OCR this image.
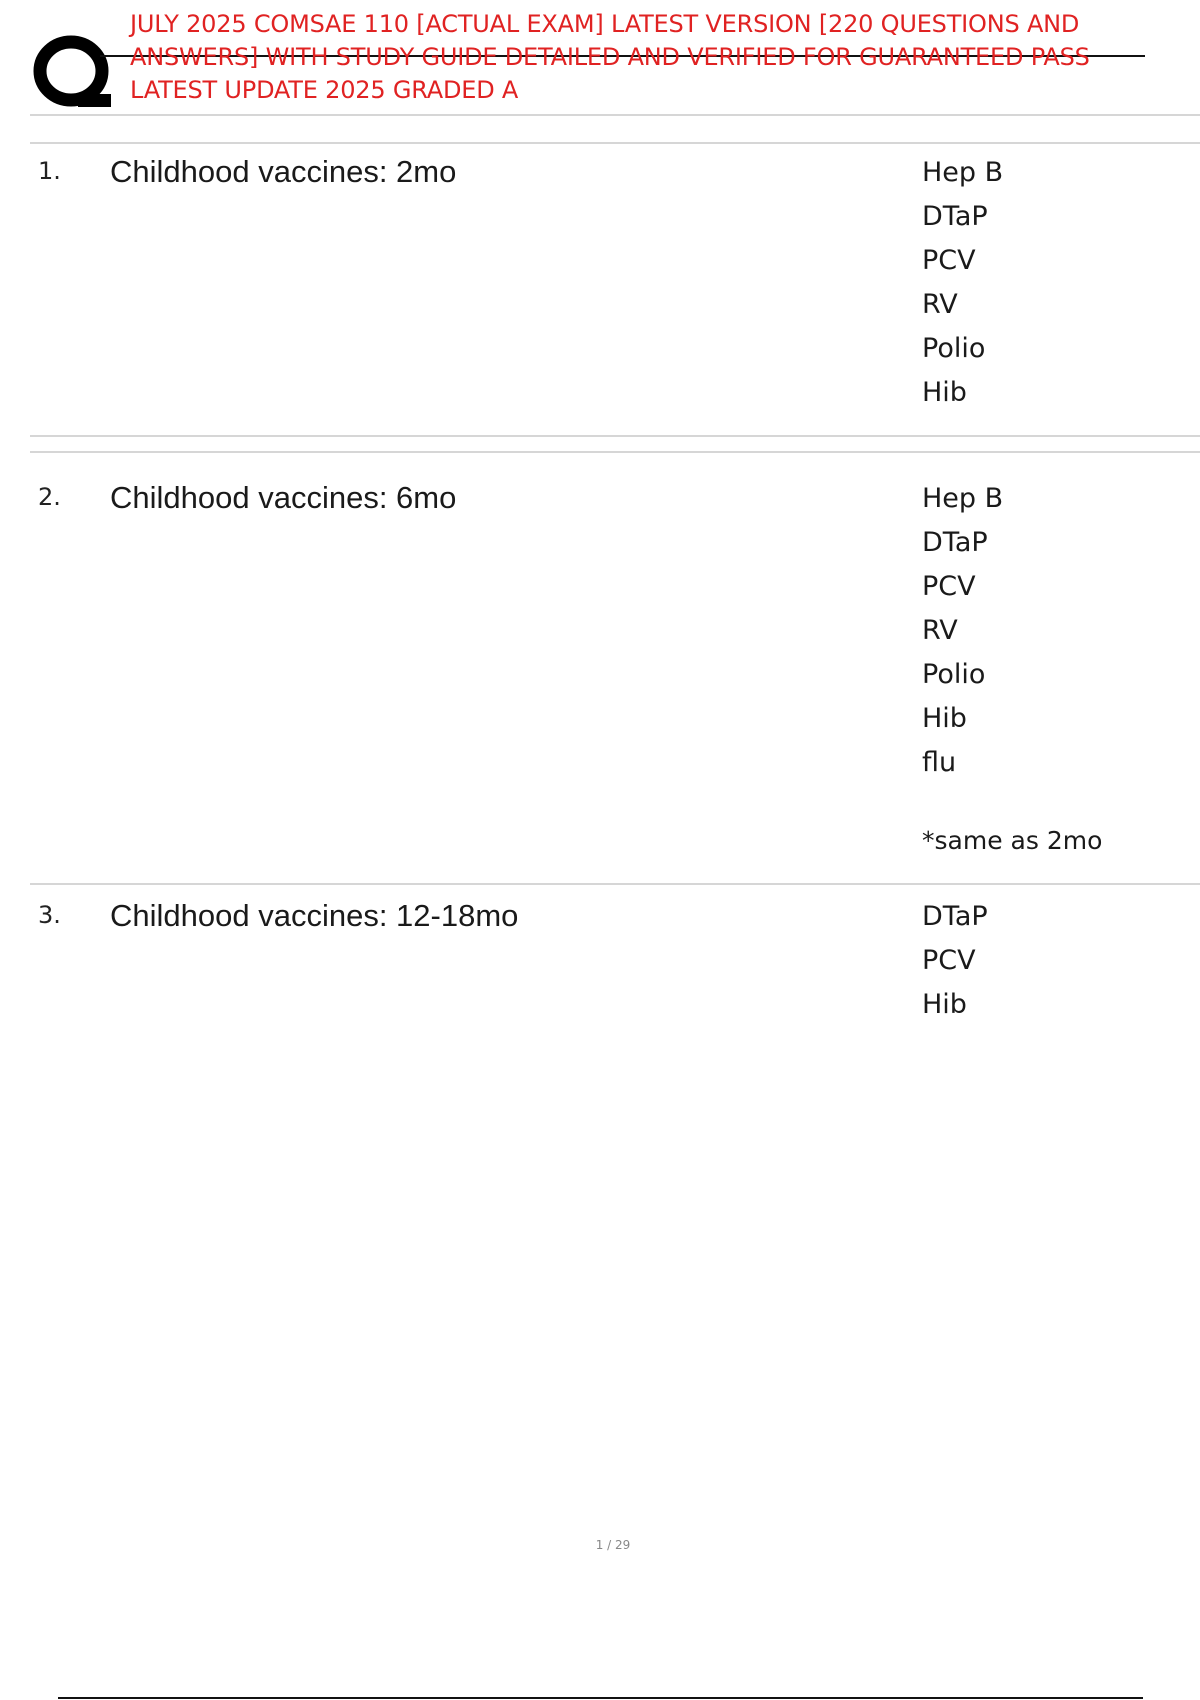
JULY 2025 COMSAE 110 [ACTUAL EXAM] LATEST VERSION [220 QUESTIONS AND ANSWERS] WITH STUDY GUIDE DETAILED AND VERIFIED FOR GUARANTEED PASS LATEST UPDATE 2025 GRADED A
1. Childhood vaccines: 2mo	Hep B
DTaP
PCV
RV
Polio
Hib
2. Childhood vaccines: 6mo	Hep B
DTaP
PCV
RV
Polio
Hib
flu
*same as 2mo
3. Childhood vaccines: 12-18mo	DTaP
PCV
Hib
1 / 29
